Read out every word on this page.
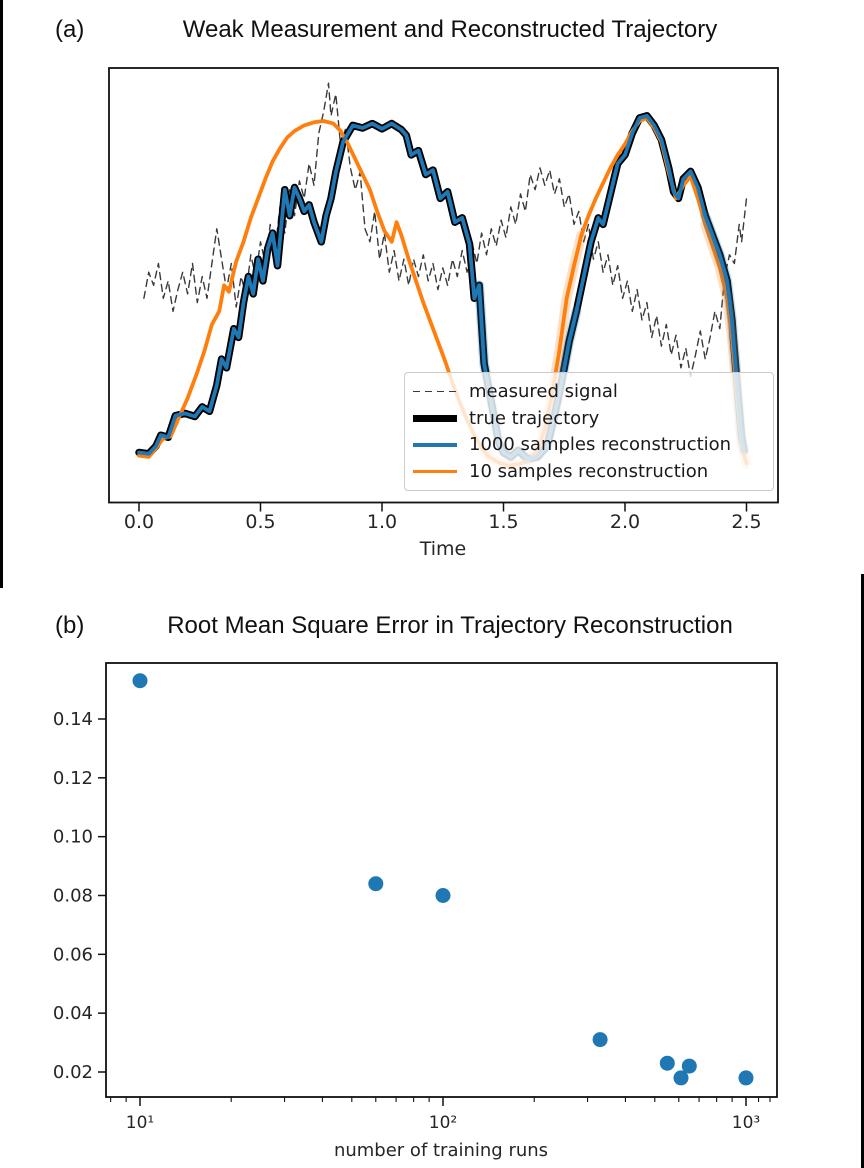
(a)	Weak Measurement and Reconstructed Trajectory
0.0	0.5	1.0	1.5	2.0	2.5
0.02
0.04
0.06
0.08
0.10
0.12
0.14
10¹	10²	10³
measured signal
true trajectory
1000 samples reconstruction
10 samples reconstruction
Time
(b)	Root Mean Square Error in Trajectory Reconstruction
number of training runs
